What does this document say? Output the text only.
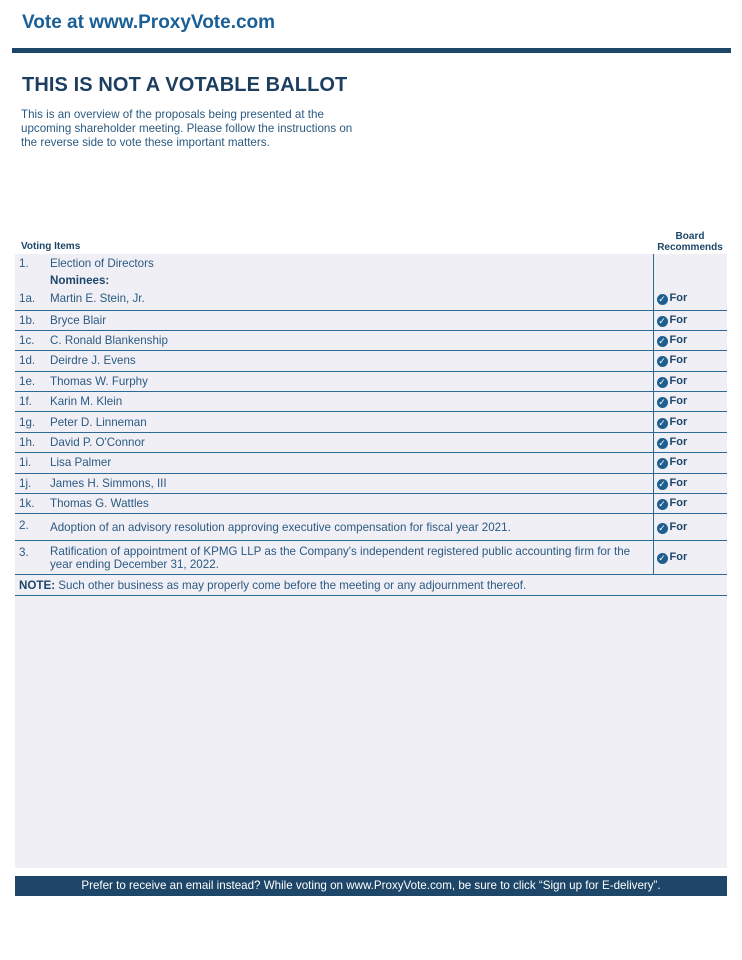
Vote at www.ProxyVote.com
THIS IS NOT A VOTABLE BALLOT
This is an overview of the proposals being presented at the upcoming shareholder meeting. Please follow the instructions on the reverse side to vote these important matters.
Voting Items
Board Recommends
1.	Election of Directors	
	Nominees:	
1a.	Martin E. Stein, Jr.	✓ For
1b.	Bryce Blair	✓ For
1c.	C. Ronald Blankenship	✓ For
1d.	Deirdre J. Evens	✓ For
1e.	Thomas W. Furphy	✓ For
1f.	Karin M. Klein	✓ For
1g.	Peter D. Linneman	✓ For
1h.	David P. O'Connor	✓ For
1i.	Lisa Palmer	✓ For
1j.	James H. Simmons, III	✓ For
1k.	Thomas G. Wattles	✓ For
2.	Adoption of an advisory resolution approving executive compensation for fiscal year 2021.	✓ For
3.	Ratification of appointment of KPMG LLP as the Company's independent registered public accounting firm for the year ending December 31, 2022.	✓ For
NOTE: Such other business as may properly come before the meeting or any adjournment thereof.		
Prefer to receive an email instead? While voting on www.ProxyVote.com, be sure to click “Sign up for E-delivery”.
